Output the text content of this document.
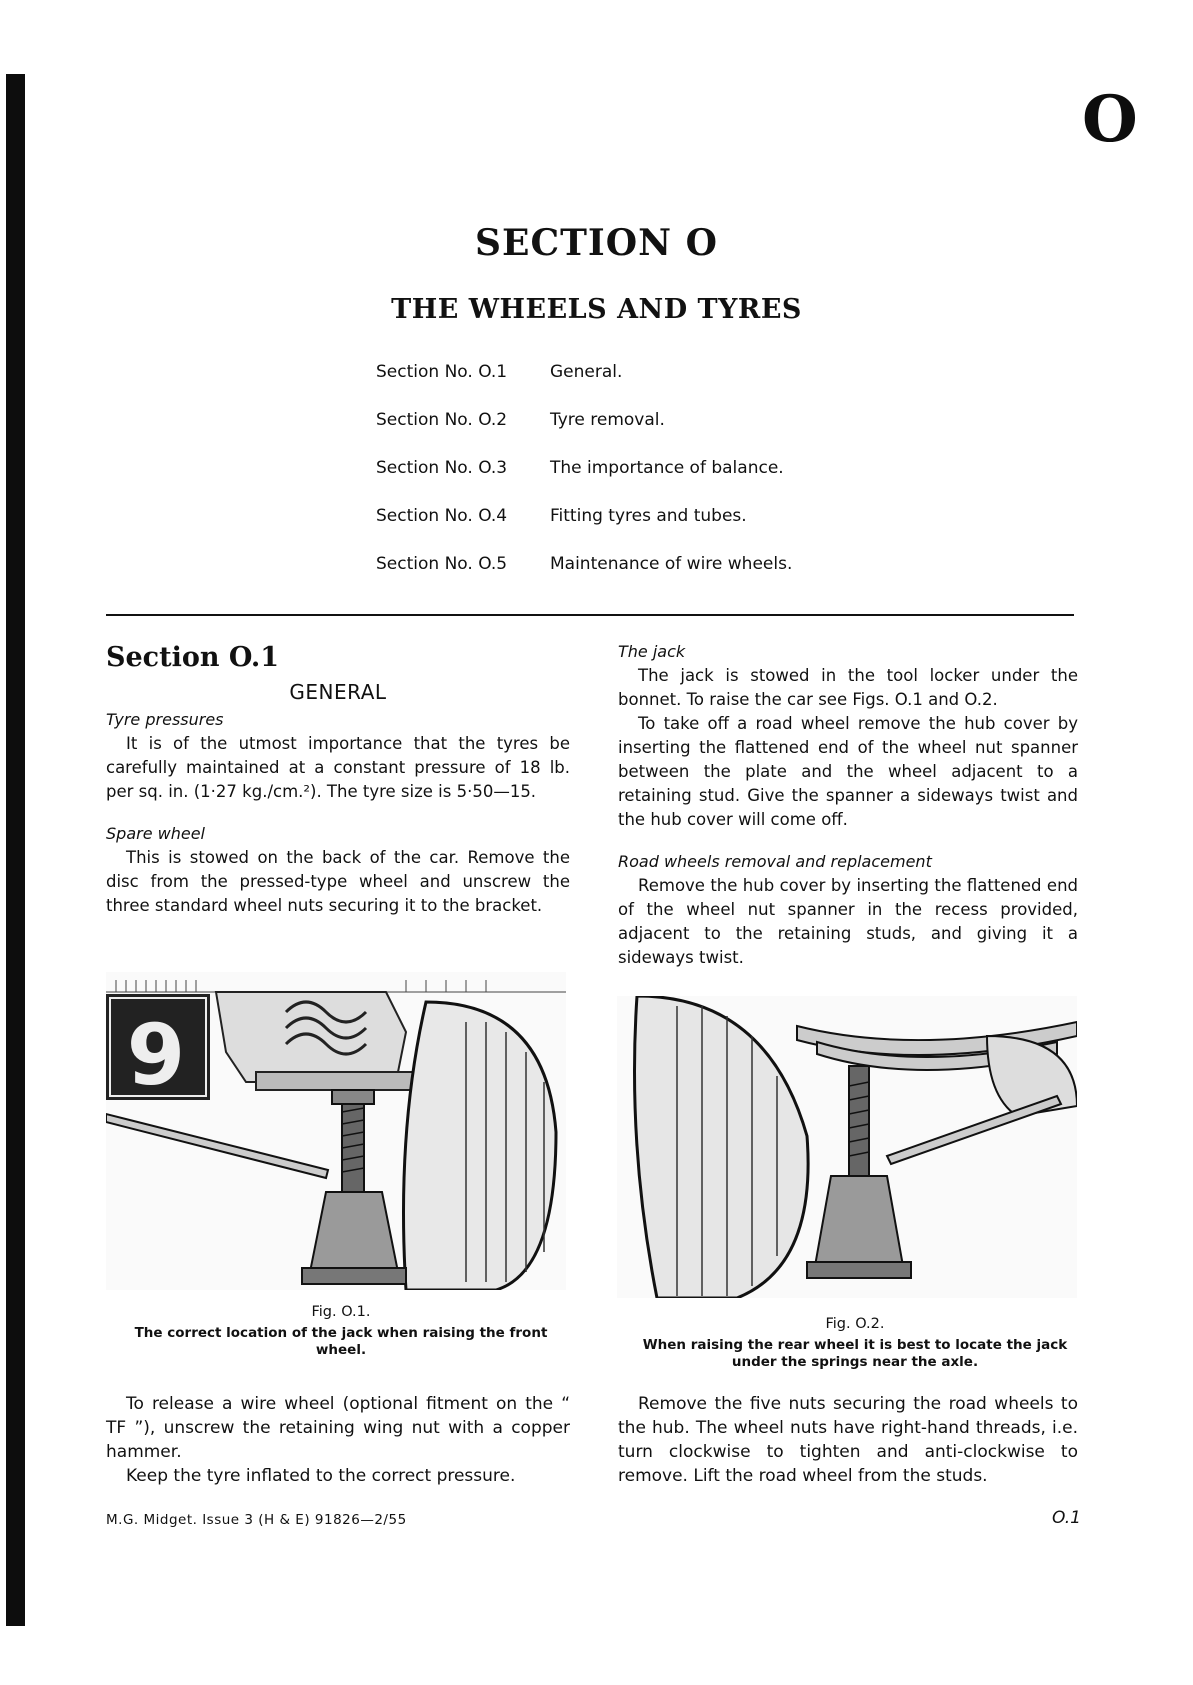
O
SECTION O
THE WHEELS AND TYRES
Section No. O.1	General.
Section No. O.2	Tyre removal.
Section No. O.3	The importance of balance.
Section No. O.4	Fitting tyres and tubes.
Section No. O.5	Maintenance of wire wheels.
Section O.1
GENERAL

Tyre pressures

It is of the utmost importance that the tyres be carefully maintained at a constant pressure of 18 lb. per sq. in. (1·27 kg./cm.²). The tyre size is 5·50—15.

Spare wheel

This is stowed on the back of the car. Remove the disc from the pressed-type wheel and unscrew the three standard wheel nuts securing it to the bracket.

The jack

The jack is stowed in the tool locker under the bonnet. To raise the car see Figs. O.1 and O.2.

To take off a road wheel remove the hub cover by inserting the flattened end of the wheel nut spanner between the plate and the wheel adjacent to a retaining stud. Give the spanner a sideways twist and the hub cover will come off.

Road wheels removal and replacement

Remove the hub cover by inserting the flattened end of the wheel nut spanner in the recess provided, adjacent to the retaining studs, and giving it a sideways twist.

9
Fig. O.1.
The correct location of the jack when raising the front wheel.
Fig. O.2.
When raising the rear wheel it is best to locate the jack under the springs near the axle.

To release a wire wheel (optional fitment on the “ TF ”), unscrew the retaining wing nut with a copper hammer.

Keep the tyre inflated to the correct pressure.

Remove the five nuts securing the road wheels to the hub. The wheel nuts have right-hand threads, i.e. turn clockwise to tighten and anti-clockwise to remove. Lift the road wheel from the studs.

M.G. Midget. Issue 3 (H & E) 91826—2/55	O.1
